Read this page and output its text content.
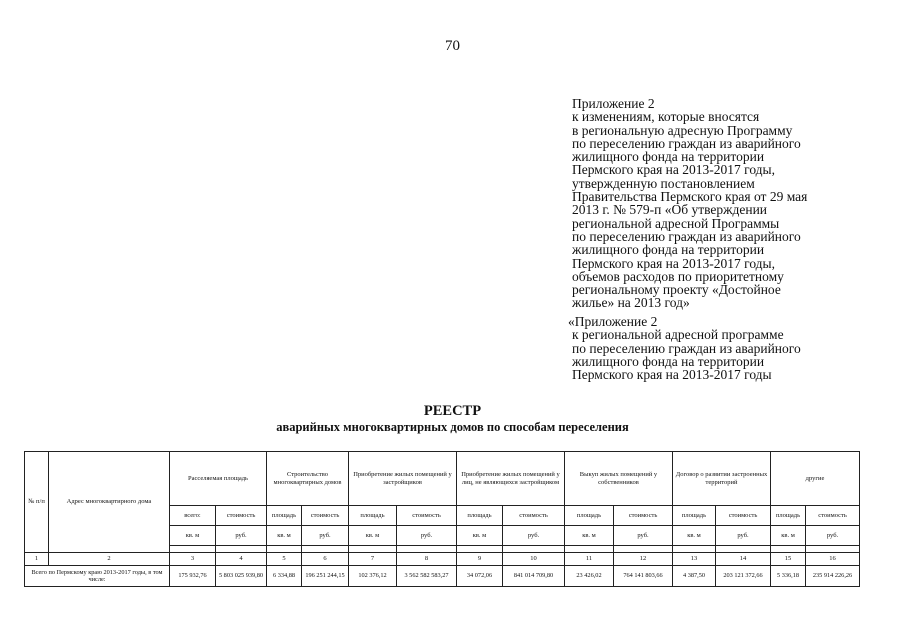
70
Приложение 2
к изменениям, которые вносятся
в региональную адресную Программу
по переселению граждан из аварийного
жилищного фонда на территории
Пермского края на 2013-2017 годы,
утвержденную постановлением
Правительства Пермского края от 29 мая
2013 г. № 579-п «Об утверждении
региональной адресной Программы
по переселению граждан из аварийного
жилищного фонда на территории
Пермского края на 2013-2017 годы,
объемов расходов по приоритетному
региональному проекту «Достойное
жилье» на 2013 год»
«Приложение 2
к региональной адресной программе
по переселению граждан из аварийного
жилищного фонда на территории
Пермского края на 2013-2017 годы
РЕЕСТР
аварийных многоквартирных домов по способам переселения
№ п/п	Адрес многоквартирного дома	Расселяемая площадь		Строительство многоквартирных домов		Приобретение жилых помещений у застройщиков		Приобретение жилых помещений у лиц, не являющихся застройщиком		Выкуп жилых помещений у собственников		Договор о развитии застроенных территорий		другие	
		всего:	стоимость	площадь	стоимость	площадь	стоимость	площадь	стоимость	площадь	стоимость	площадь	стоимость	площадь	стоимость
		кв. м	руб.	кв. м	руб.	кв. м	руб.	кв. м	руб.	кв. м	руб.	кв. м	руб.	кв. м	руб.

1	2	3	4	5	6	7	8	9	10	11	12	13	14	15	16
Всего по Пермскому краю 2013-2017 годы, в том числе:		175 932,76	5 803 025 939,80	6 334,88	196 251 244,15	102 376,12	3 562 582 583,27	34 072,06	841 014 709,80	23 426,02	764 141 803,66	4 387,50	203 121 372,66	5 336,18	235 914 226,26
